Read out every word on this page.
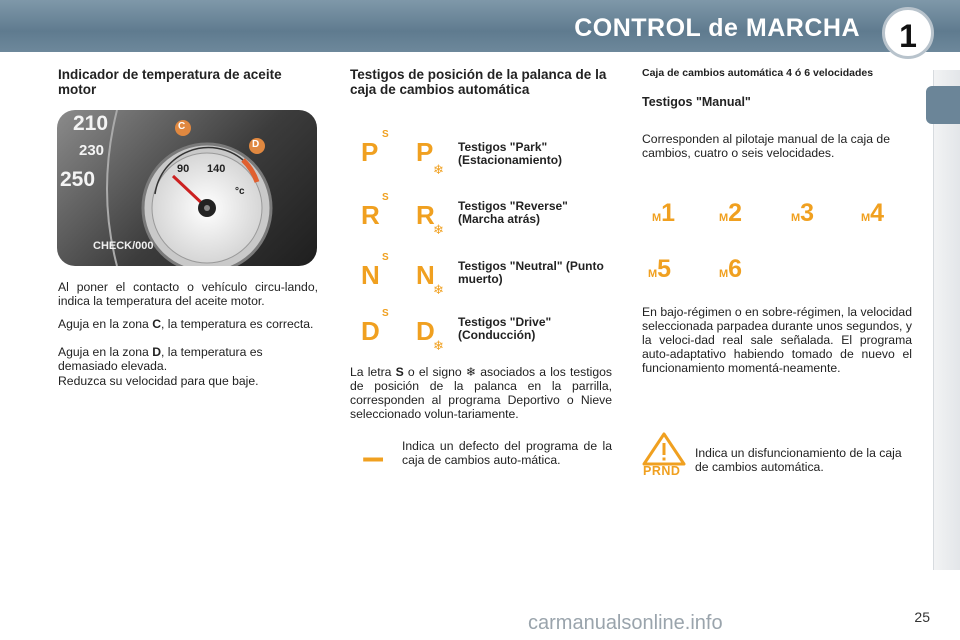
CONTROL de MARCHA	1
Indicador de temperatura de aceite motor
210
230
250	90 140
C
D
°c
CHECK/000
Al poner el contacto o vehículo circu-lando, indica la temperatura del aceite motor.
Aguja en la zona C, la temperatura es correcta.
Aguja en la zona D, la temperatura es demasiado elevada.
Reduzca su velocidad para que baje.
Testigos de posición de la palanca de la caja de cambios automática
S
P P
❄
Testigos "Park" (Estacionamiento)
S
R R
❄
Testigos "Reverse" (Marcha atrás)
S
N N
❄
Testigos "Neutral" (Punto muerto)
S
D D
❄
Testigos "Drive" (Conducción)
La letra S o el signo ❄ asociados a los testigos de posición de la palanca en la parrilla, corresponden al programa Deportivo o Nieve seleccionado volun-tariamente.
– Indica un defecto del programa de la caja de cambios auto-mática.
Caja de cambios automática 4 ó 6 velocidades
Testigos "Manual"
Corresponden al pilotaje manual de la caja de cambios, cuatro o seis velocidades.
M1	M2	M3	M4
M5	M6
En bajo-régimen o en sobre-régimen, la velocidad seleccionada parpadea durante unos segundos, y la veloci-dad real sale señalada. El programa auto-adaptativo habiendo tomado de nuevo el funcionamiento momentá-neamente.
PRND
Indica un disfuncionamiento de la caja de cambios automática.
25
carmanualsonline.info
